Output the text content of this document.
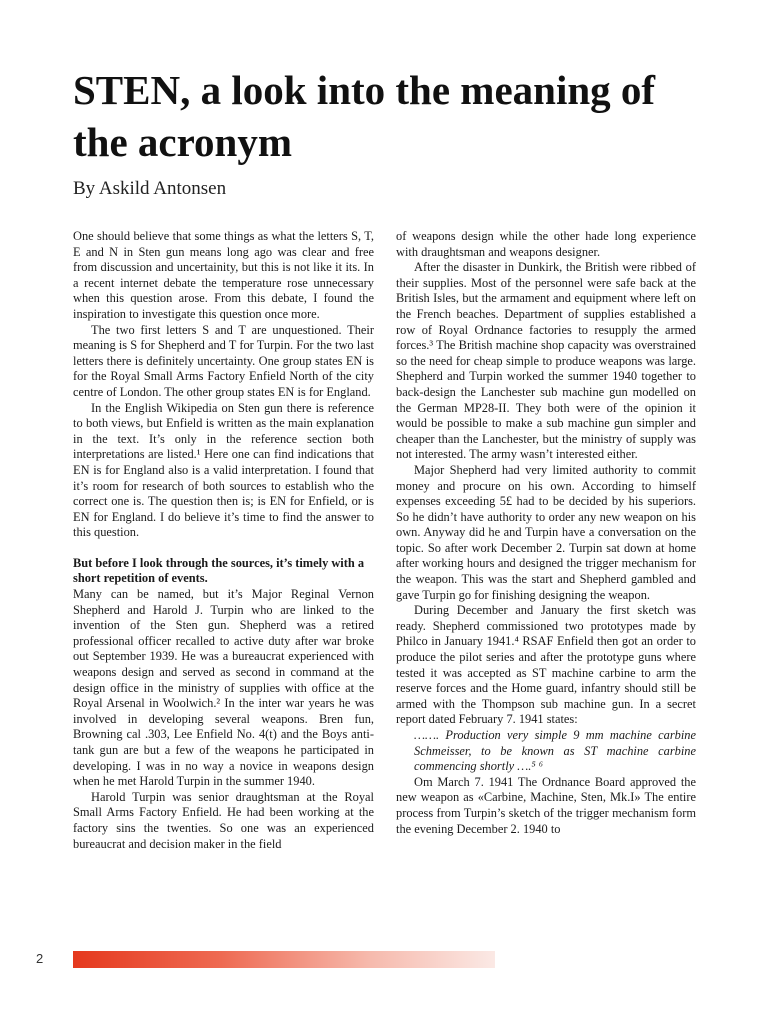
STEN, a look into the meaning of the acronym
By Askild Antonsen

One should believe that some things as what the letters S, T, E and N in Sten gun means long ago was clear and free from discussion and uncertainity, but this is not like it its. In a recent internet debate the temperature rose unnecessary when this question arose. From this debate, I found the inspiration to investigate this question once more.

The two first letters S and T are unquestioned. Their meaning is S for Shepherd and T for Turpin. For the two last letters there is definitely uncertainty. One group states EN is for the Royal Small Arms Factory Enfield North of the city centre of London. The other group states EN is for England.

In the English Wikipedia on Sten gun there is reference to both views, but Enfield is written as the main explanation in the text. It’s only in the reference section both interpretations are listed.¹ Here one can find indications that EN is for England also is a valid interpretation. I found that it’s room for research of both sources to establish who the correct one is. The question then is; is EN for Enfield, or is EN for England. I do believe it’s time to find the answer to this question.

But before I look through the sources, it’s timely with a short repetition of events.

Many can be named, but it’s Major Reginal Vernon Shepherd and Harold J. Turpin who are linked to the invention of the Sten gun. Shepherd was a retired professional officer recalled to active duty after war broke out September 1939. He was a bureaucrat experienced with weapons design and served as second in command at the design office in the ministry of supplies with office at the Royal Arsenal in Woolwich.² In the inter war years he was involved in developing several weapons. Bren fun, Browning cal .303, Lee Enfield No. 4(t) and the Boys anti-tank gun are but a few of the weapons he participated in developing. I was in no way a novice in weapons design when he met Harold Turpin in the summer 1940.

Harold Turpin was senior draughtsman at the Royal Small Arms Factory Enfield. He had been working at the factory sins the twenties. So one was an experienced bureaucrat and decision maker in the field

of weapons design while the other hade long experience with draughtsman and weapons designer.

After the disaster in Dunkirk, the British were ribbed of their supplies. Most of the personnel were safe back at the British Isles, but the armament and equipment where left on the French beaches. Department of supplies established a row of Royal Ordnance factories to resupply the armed forces.³ The British machine shop capacity was overstrained so the need for cheap simple to produce weapons was large. Shepherd and Turpin worked the summer 1940 together to back-design the Lanchester sub machine gun modelled on the German MP28-II. They both were of the opinion it would be possible to make a sub machine gun simpler and cheaper than the Lanchester, but the ministry of supply was not interested. The army wasn’t interested either.

Major Shepherd had very limited authority to commit money and procure on his own. According to himself expenses exceeding 5£ had to be decided by his superiors. So he didn’t have authority to order any new weapon on his own. Anyway did he and Turpin have a conversation on the topic. So after work December 2. Turpin sat down at home after working hours and designed the trigger mechanism for the weapon. This was the start and Shepherd gambled and gave Turpin go for finishing designing the weapon.

During December and January the first sketch was ready. Shepherd commissioned two prototypes made by Philco in January 1941.⁴ RSAF Enfield then got an order to produce the pilot series and after the prototype guns where tested it was accepted as ST machine carbine to arm the reserve forces and the Home guard, infantry should still be armed with the Thompson sub machine gun. In a secret report dated February 7. 1941 states:

……. Production very simple 9 mm machine carbine Schmeisser, to be known as ST machine carbine commencing shortly ….⁵ ⁶

Om March 7. 1941 The Ordnance Board approved the new weapon as «Carbine, Machine, Sten, Mk.I» The entire process from Turpin’s sketch of the trigger mechanism form the evening December 2. 1940 to

2
